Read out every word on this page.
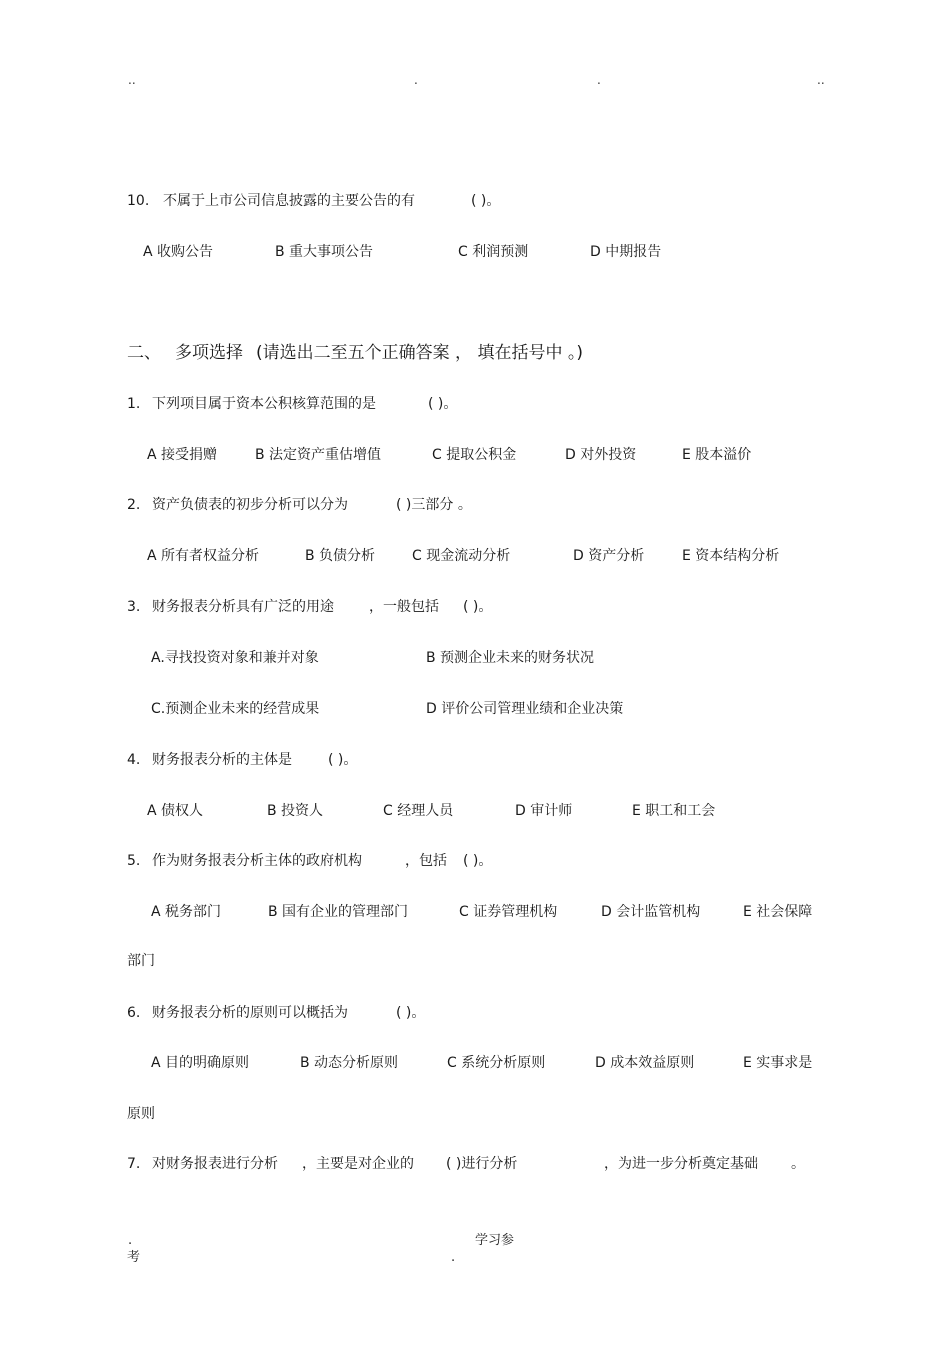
..	.	.	..
10. 不属于上市公司信息披露的主要公告的有	( )。
A 收购公告	B 重大事项公告	C 利润预测	D 中期报告
二、 多项选择 (请选出二至五个正确答案 ， 填在括号中 。)
1. 下列项目属于资本公积核算范围的是	( )。
A 接受捐赠	B 法定资产重估增值	C 提取公积金	D 对外投资	E 股本溢价
2. 资产负债表的初步分析可以分为	( )三部分 。
A 所有者权益分析	B 负债分析	C 现金流动分析	D 资产分析	E 资本结构分析
3. 财务报表分析具有广泛的用途	，一般包括 ( )。
A.寻找投资对象和兼并对象	B 预测企业未来的财务状况
C.预测企业未来的经营成果	D 评价公司管理业绩和企业决策
4. 财务报表分析的主体是	( )。
A 债权人	B 投资人	C 经理人员	D 审计师	E 职工和工会
5. 作为财务报表分析主体的政府机构	，包括 ( )。
A 税务部门	B 国有企业的管理部门	C 证券管理机构	D 会计监管机构	E 社会保障
部门
6. 财务报表分析的原则可以概括为	( )。
A 目的明确原则	B 动态分析原则	C 系统分析原则	D 成本效益原则	E 实事求是
原则
7. 对财务报表进行分析 ，主要是对企业的 ( )进行分析	，为进一步分析奠定基础 。
.	学习参
考	.
